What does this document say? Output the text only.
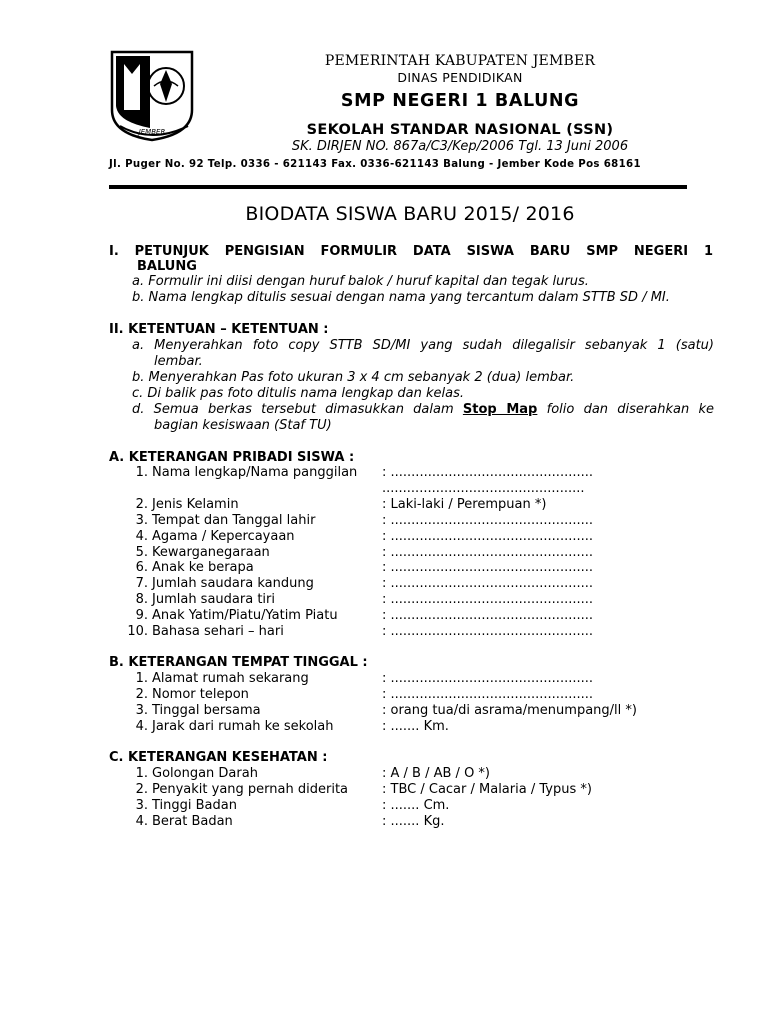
JEMBER
PEMERINTAH KABUPATEN JEMBER
DINAS PENDIDIKAN
SMP NEGERI 1 BALUNG
SEKOLAH STANDAR NASIONAL (SSN)
SK. DIRJEN NO. 867a/C3/Kep/2006 Tgl. 13 Juni 2006
Jl. Puger No. 92 Telp. 0336 - 621143 Fax. 0336-621143 Balung - Jember Kode Pos 68161
BIODATA SISWA BARU 2015/ 2016
I. PETUNJUK PENGISIAN FORMULIR DATA SISWA BARU SMP NEGERI 1
BALUNG
a. Formulir ini diisi dengan huruf balok / huruf kapital dan tegak lurus.
b. Nama lengkap ditulis sesuai dengan nama yang tercantum dalam STTB SD / MI.
II. KETENTUAN – KETENTUAN :
a. Menyerahkan foto copy STTB SD/MI yang sudah dilegalisir sebanyak 1 (satu)
lembar.
b. Menyerahkan Pas foto ukuran 3 x 4 cm sebanyak 2 (dua) lembar.
c. Di balik pas foto ditulis nama lengkap dan kelas.
d. Semua berkas tersebut dimasukkan dalam Stop Map folio dan diserahkan ke
bagian kesiswaan (Staf TU)
A. KETERANGAN PRIBADI SISWA :
1. Nama lengkap/Nama panggilan : .................................................
.................................................
2. Jenis Kelamin	: Laki-laki / Perempuan *)
3. Tempat dan Tanggal lahir	: .................................................
4. Agama / Kepercayaan	: .................................................
5. Kewarganegaraan	: .................................................
6. Anak ke berapa	: .................................................
7. Jumlah saudara kandung	: .................................................
8. Jumlah saudara tiri	: .................................................
9. Anak Yatim/Piatu/Yatim Piatu	: .................................................
10. Bahasa sehari – hari	: .................................................
B. KETERANGAN TEMPAT TINGGAL :
1. Alamat rumah sekarang	: .................................................
2. Nomor telepon	: .................................................
3. Tinggal bersama	: orang tua/di asrama/menumpang/ll *)
4. Jarak dari rumah ke sekolah	: ....... Km.
C. KETERANGAN KESEHATAN :
1. Golongan Darah	: A / B / AB / O *)
2. Penyakit yang pernah diderita	: TBC / Cacar / Malaria / Typus *)
3. Tinggi Badan	: ....... Cm.
4. Berat Badan	: ....... Kg.
